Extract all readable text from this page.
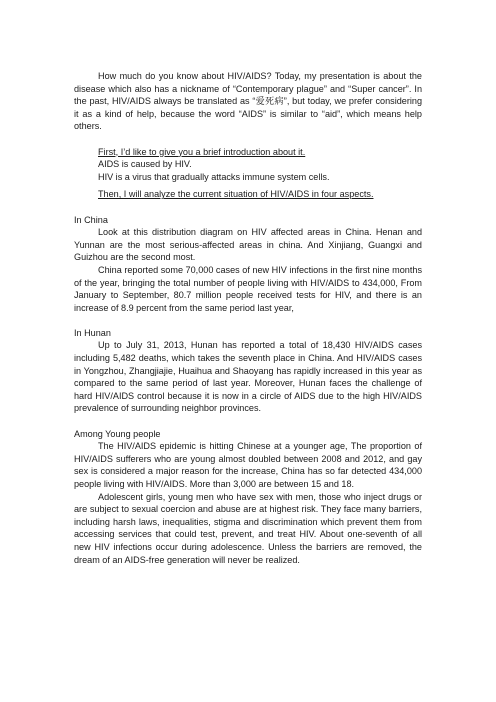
How much do you know about HIV/AIDS? Today, my presentation is about the disease which also has a nickname of “Contemporary plague” and “Super cancer”. In the past, HIV/AIDS always be translated as “爱死病”, but today, we prefer considering it as a kind of help, because the word “AIDS” is similar to “aid”, which means help others.

First, I’d like to give you a brief introduction about it.

AIDS is caused by HIV.

HIV is a virus that gradually attacks immune system cells.

Then, I will analyze the current situation of HIV/AIDS in four aspects.

In China

Look at this distribution diagram on HIV affected areas in China. Henan and Yunnan are the most serious-affected areas in china. And Xinjiang, Guangxi and Guizhou are the second most.

China reported some 70,000 cases of new HIV infections in the first nine months of the year, bringing the total number of people living with HIV/AIDS to 434,000, From January to September, 80.7 million people received tests for HIV, and there is an increase of 8.9 percent from the same period last year,

In Hunan

Up to July 31, 2013, Hunan has reported a total of 18,430 HIV/AIDS cases including 5,482 deaths, which takes the seventh place in China. And HIV/AIDS cases in Yongzhou, Zhangjiajie, Huaihua and Shaoyang has rapidly increased in this year as compared to the same period of last year. Moreover, Hunan faces the challenge of hard HIV/AIDS control because it is now in a circle of AIDS due to the high HIV/AIDS prevalence of surrounding neighbor provinces.

Among Young people

The HIV/AIDS epidemic is hitting Chinese at a younger age, The proportion of HIV/AIDS sufferers who are young almost doubled between 2008 and 2012, and gay sex is considered a major reason for the increase, China has so far detected 434,000 people living with HIV/AIDS. More than 3,000 are between 15 and 18.

Adolescent girls, young men who have sex with men, those who inject drugs or are subject to sexual coercion and abuse are at highest risk. They face many barriers, including harsh laws, inequalities, stigma and discrimination which prevent them from accessing services that could test, prevent, and treat HIV. About one-seventh of all new HIV infections occur during adolescence. Unless the barriers are removed, the dream of an AIDS-free generation will never be realized.
